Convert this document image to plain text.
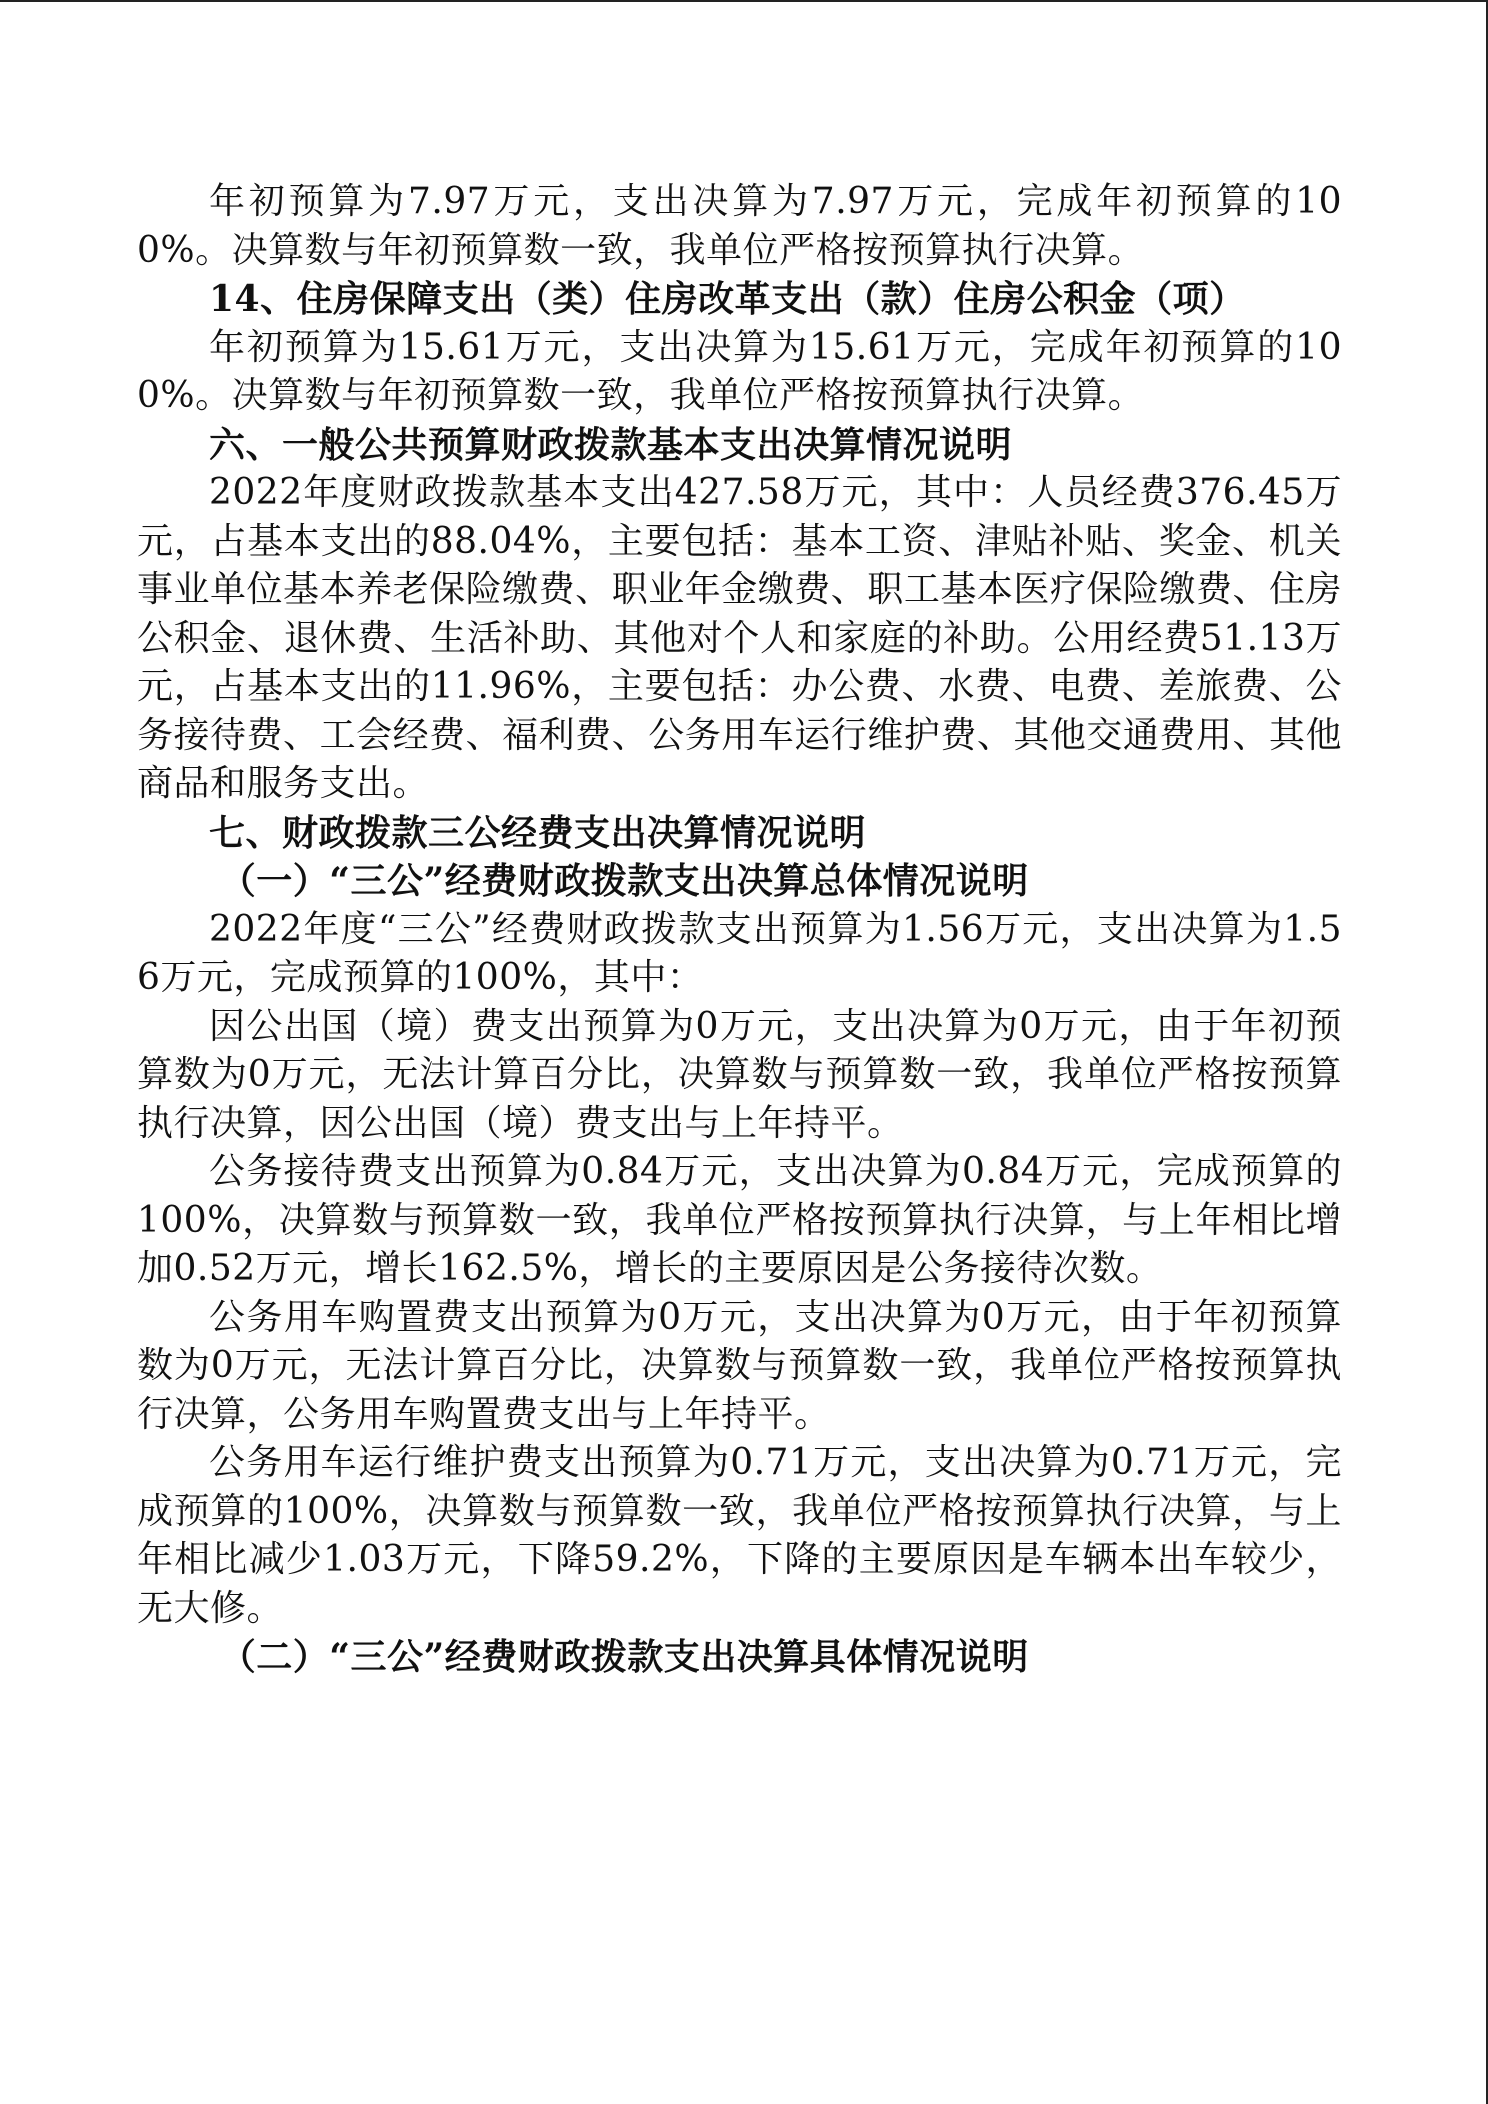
年初预算为7.97万元，支出决算为7.97万元，完成年初预算的100%。决算数与年初预算数一致，我单位严格按预算执行决算。

14、住房保障支出（类）住房改革支出（款）住房公积金（项）

年初预算为15.61万元，支出决算为15.61万元，完成年初预算的100%。决算数与年初预算数一致，我单位严格按预算执行决算。

六、一般公共预算财政拨款基本支出决算情况说明

2022年度财政拨款基本支出427.58万元，其中：人员经费376.45万元，占基本支出的88.04%，主要包括：基本工资、津贴补贴、奖金、机关事业单位基本养老保险缴费、职业年金缴费、职工基本医疗保险缴费、住房公积金、退休费、生活补助、其他对个人和家庭的补助。公用经费51.13万元，占基本支出的11.96%，主要包括：办公费、水费、电费、差旅费、公务接待费、工会经费、福利费、公务用车运行维护费、其他交通费用、其他商品和服务支出。

七、财政拨款三公经费支出决算情况说明

（一）“三公”经费财政拨款支出决算总体情况说明

2022年度“三公”经费财政拨款支出预算为1.56万元，支出决算为1.56万元，完成预算的100%，其中：

因公出国（境）费支出预算为0万元，支出决算为0万元，由于年初预算数为0万元，无法计算百分比，决算数与预算数一致，我单位严格按预算执行决算，因公出国（境）费支出与上年持平。

公务接待费支出预算为0.84万元，支出决算为0.84万元，完成预算的100%，决算数与预算数一致，我单位严格按预算执行决算，与上年相比增加0.52万元，增长162.5%，增长的主要原因是公务接待次数。

公务用车购置费支出预算为0万元，支出决算为0万元，由于年初预算数为0万元，无法计算百分比，决算数与预算数一致，我单位严格按预算执行决算，公务用车购置费支出与上年持平。

公务用车运行维护费支出预算为0.71万元，支出决算为0.71万元，完成预算的100%，决算数与预算数一致，我单位严格按预算执行决算，与上年相比减少1.03万元，下降59.2%，下降的主要原因是车辆本出车较少，无大修。

（二）“三公”经费财政拨款支出决算具体情况说明
